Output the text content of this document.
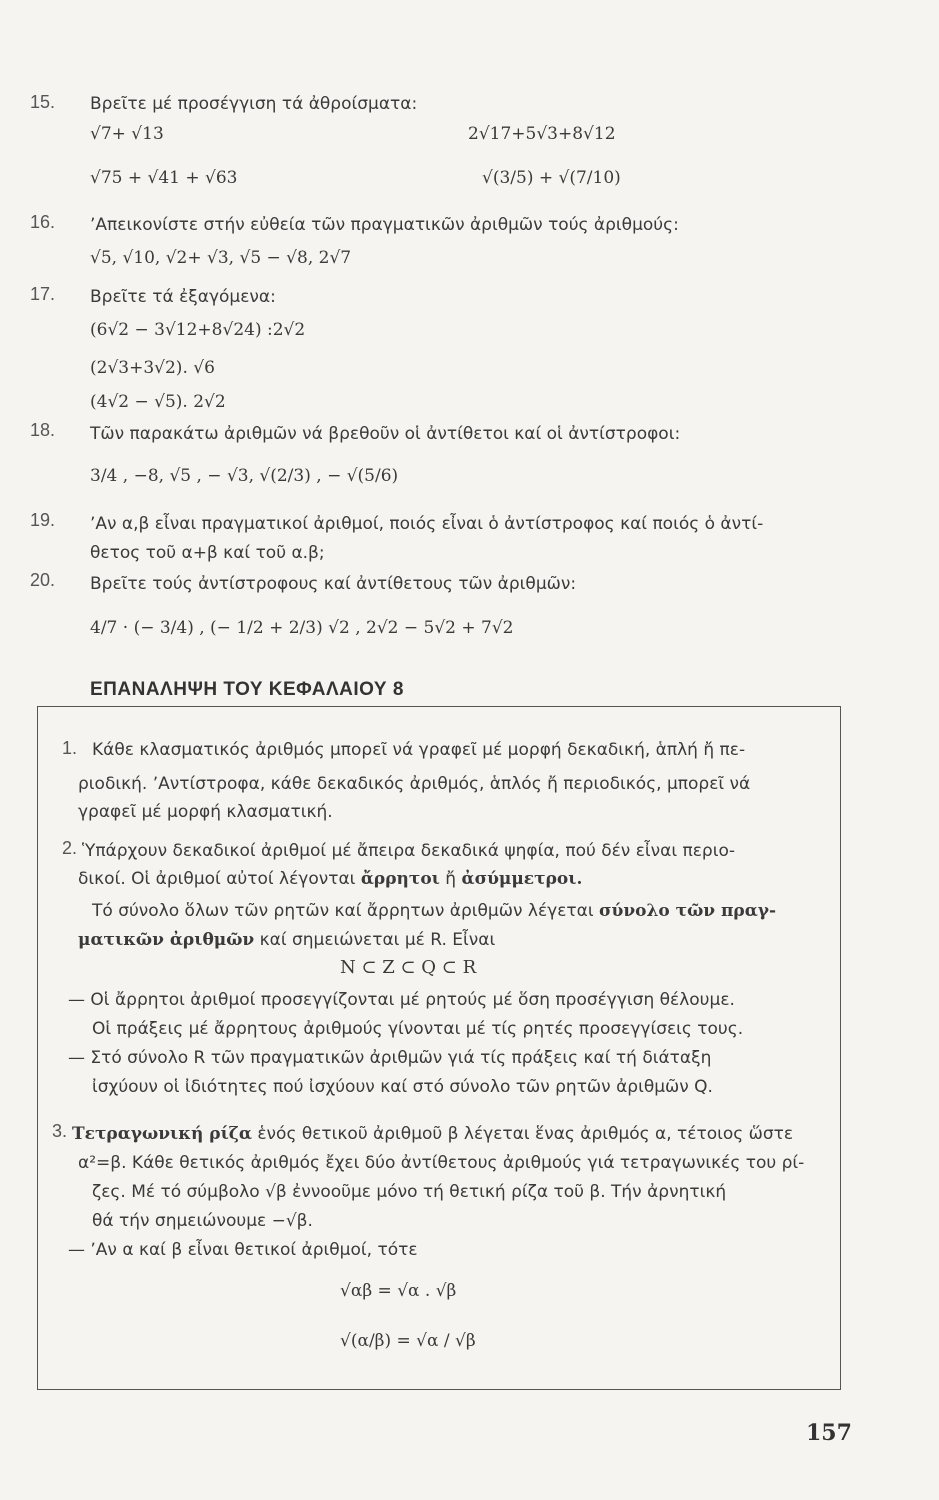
15. Βρεῖτε μέ προσέγγιση τά ἀθροίσματα:
√7+ √13	2√17+5√3+8√12
√75 + √41 + √63	√(3/5) + √(7/10)
16. ʼΑπεικονίστε στήν εὐθεία τῶν πραγματικῶν ἀριθμῶν τούς ἀριθμούς:
√5, √10, √2+ √3, √5 − √8, 2√7
17. Βρεῖτε τά ἐξαγόμενα:
(6√2 − 3√12+8√24) :2√2
(2√3+3√2). √6
(4√2 − √5). 2√2
18. Τῶν παρακάτω ἀριθμῶν νά βρεθοῦν οἱ ἀντίθετοι καί οἱ ἀντίστροφοι:
3/4 , −8, √5 , − √3, √(2/3) , − √(5/6)
19. ʼΑν α,β εἶναι πραγματικοί ἀριθμοί, ποιός εἶναι ὁ ἀντίστροφος καί ποιός ὁ ἀντί-
θετος τοῦ α+β καί τοῦ α.β;
20. Βρεῖτε τούς ἀντίστροφους καί ἀντίθετους τῶν ἀριθμῶν:
4/7 · (− 3/4) , (− 1/2 + 2/3) √2 , 2√2 − 5√2 + 7√2
ΕΠΑΝΑΛΗΨΗ ΤΟΥ ΚΕΦΑΛΑΙΟΥ 8
1. Κάθε κλασματικός ἀριθμός μπορεῖ νά γραφεῖ μέ μορφή δεκαδική, ἁπλή ἤ πε-
ριοδική. ʼΑντίστροφα, κάθε δεκαδικός ἀριθμός, ἁπλός ἤ περιοδικός, μπορεῖ νά
γραφεῖ μέ μορφή κλασματική.
2. Ὑπάρχουν δεκαδικοί ἀριθμοί μέ ἄπειρα δεκαδικά ψηφία, πού δέν εἶναι περιο-
δικοί. Οἱ ἀριθμοί αὐτοί λέγονται ἄρρητοι ἤ ἀσύμμετροι.
Τό σύνολο ὅλων τῶν ρητῶν καί ἄρρητων ἀριθμῶν λέγεται σύνολο τῶν πραγ-
ματικῶν ἀριθμῶν καί σημειώνεται μέ R. Εἶναι
N ⊂ Z ⊂ Q ⊂ R
— Οἱ ἄρρητοι ἀριθμοί προσεγγίζονται μέ ρητούς μέ ὅση προσέγγιση θέλουμε.
Οἱ πράξεις μέ ἄρρητους ἀριθμούς γίνονται μέ τίς ρητές προσεγγίσεις τους.
— Στό σύνολο R τῶν πραγματικῶν ἀριθμῶν γιά τίς πράξεις καί τή διάταξη
ἰσχύουν οἱ ἰδιότητες πού ἰσχύουν καί στό σύνολο τῶν ρητῶν ἀριθμῶν Q.
3. Τετραγωνική ρίζα ἑνός θετικοῦ ἀριθμοῦ β λέγεται ἕνας ἀριθμός α, τέτοιος ὥστε
α²=β. Κάθε θετικός ἀριθμός ἔχει δύο ἀντίθετους ἀριθμούς γιά τετραγωνικές του ρί-
ζες. Μέ τό σύμβολο √β ἐννοοῦμε μόνο τή θετική ρίζα τοῦ β. Τήν ἀρνητική
θά τήν σημειώνουμε −√β.
— ʼΑν α καί β εἶναι θετικοί ἀριθμοί, τότε
√αβ = √α . √β
√(α/β) = √α / √β
157
